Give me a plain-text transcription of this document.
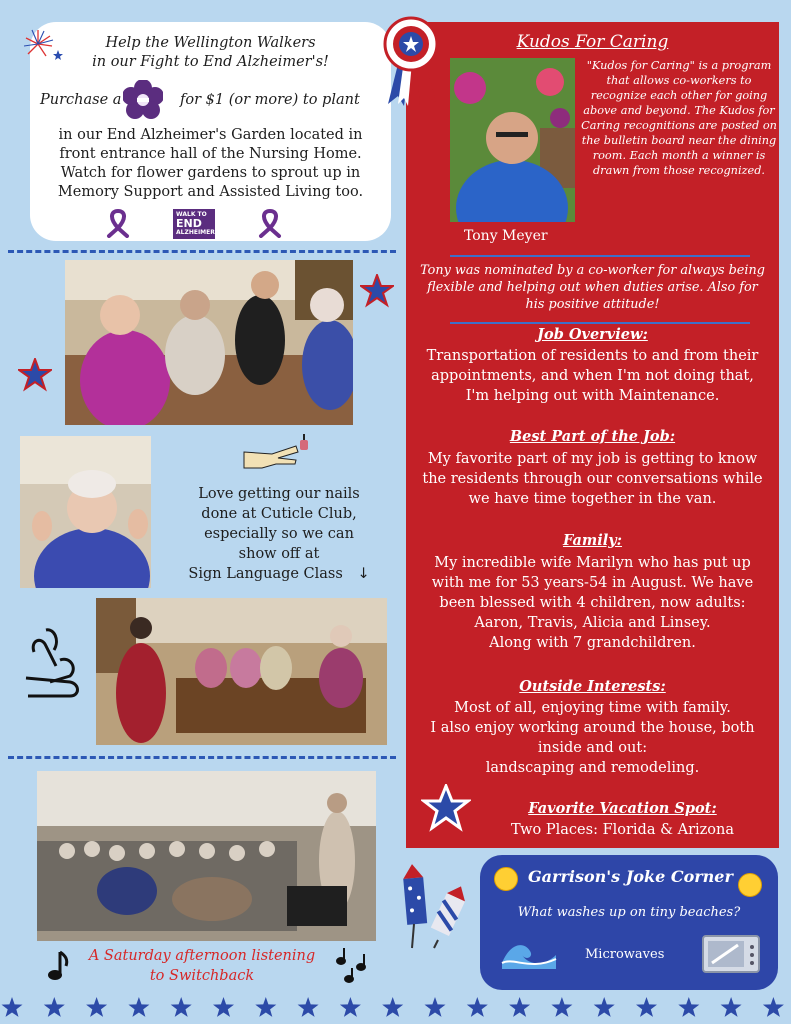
Help the Wellington Walkers
in our Fight to End Alzheimer's!
Purchase a	for $1 (or more) to plant
in our End Alzheimer's Garden located in
front entrance hall of the Nursing Home.
Watch for flower gardens to sprout up in
Memory Support and Assisted Living too.
WALK TO
END
ALZHEIMER'S
Love getting our nails
done at Cuticle Club,
especially so we can
show off at
Sign Language Class ↓
A Saturday afternoon listening
to Switchback
Kudos For Caring
"Kudos for Caring" is a program that allows co-workers to recognize each other for going above and beyond. The Kudos for Caring recognitions are posted on the bulletin board near the dining room. Each month a winner is drawn from those recognized.
Tony Meyer
Tony was nominated by a co-worker for always being flexible and helping out when duties arise. Also for his positive attitude!
Job Overview:
Transportation of residents to and from their
appointments, and when I'm not doing that,
I'm helping out with Maintenance.
Best Part of the Job:
My favorite part of my job is getting to know
the residents through our conversations while
we have time together in the van.
Family:
My incredible wife Marilyn who has put up
with me for 53 years-54 in August. We have
been blessed with 4 children, now adults:
Aaron, Travis, Alicia and Linsey.
Along with 7 grandchildren.
Outside Interests:
Most of all, enjoying time with family.
I also enjoy working around the house, both
inside and out:
landscaping and remodeling.
Favorite Vacation Spot:
Two Places: Florida & Arizona
Garrison's Joke Corner
What washes up on tiny beaches?
Microwaves
